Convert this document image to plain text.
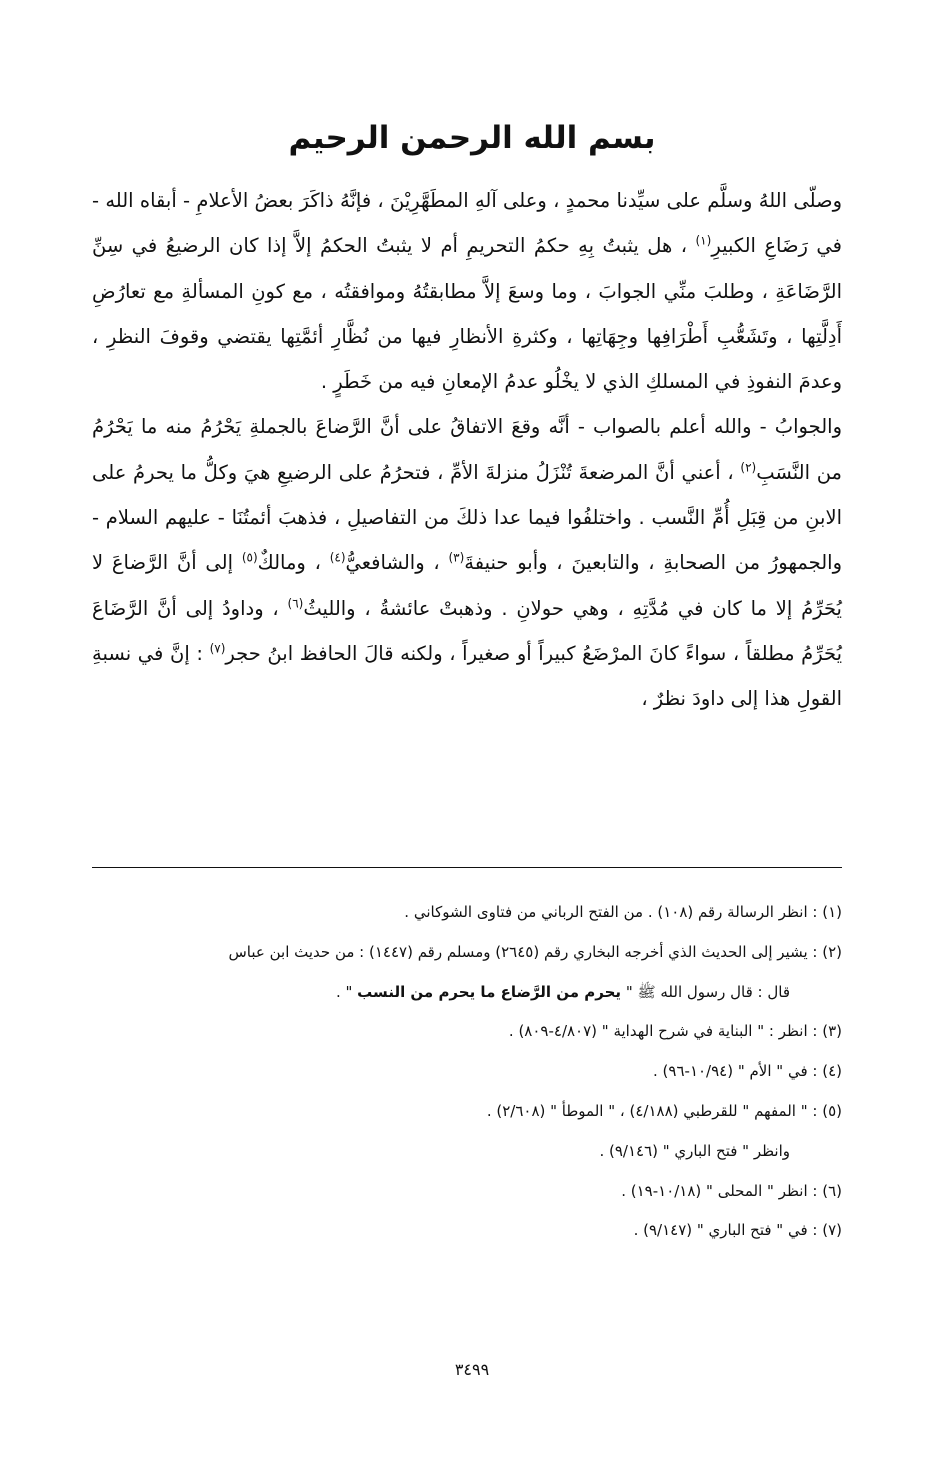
بسم الله الرحمن الرحيم

وصلّى اللهُ وسلَّم على سيِّدنا محمدٍ ، وعلى آلهِ المطَهَّرِيْنَ ، فإنَّهُ ذاكَرَ بعضُ الأعلامِ - أبقاه الله - في رَضَاعِ الكبيرِ$^{(١)}$ ، هل يثبتُ بِهِ حكمُ التحريمِ أم لا يثبتُ الحكمُ إلاَّ إذا كان الرضيعُ في سِنِّ الرَّضَاعَةِ ، وطلبَ منِّي الجوابَ ، وما وسعَ إلاَّ مطابقتُهُ وموافقتُه ، مع كونِ المسألةِ مع تعارُضِ أَدِلَّتِها ، وتَشَعُّبِ أَطْرَافِها وجِهَاتِها ، وكثرةِ الأنظارِ فيها من نُظَّارِ أئمَّتِها يقتضي وقوفَ النظرِ ، وعدمَ النفوذِ في المسلكِ الذي لا يخْلُو عدمُ الإمعانِ فيه من خَطَرٍ .

والجوابُ - والله أعلم بالصواب - أنَّه وقعَ الاتفاقُ على أنَّ الرَّضاعَ بالجملةِ يَحْرُمُ منه ما يَحْرُمُ من النَّسَبِ$^{(٢)}$ ، أعني أنَّ المرضعةَ تُنْزَلُ منزلةَ الأمِّ ، فتحرُمُ على الرضيعِ هيَ وكلُّ ما يحرمُ على الابنِ من قِبَلِ أُمِّ النَّسب . واختلفُوا فيما عدا ذلكَ من التفاصيلِ ، فذهبَ أئمتُنَا - عليهم السلام - والجمهورُ من الصحابةِ ، والتابعينَ ، وأبو حنيفةَ$^{(٣)}$ ، والشافعيُّ$^{(٤)}$ ، ومالكٌ$^{(٥)}$ إلى أنَّ الرَّضاعَ لا يُحَرِّمُ إلا ما كان في مُدَّتِهِ ، وهي حولانِ . وذهبتْ عائشةُ ، والليثُ$^{(٦)}$ ، وداودُ إلى أنَّ الرَّضَاعَ يُحَرِّمُ مطلقاً ، سواءً كانَ المرْضَعُ كبيراً أو صغيراً ، ولكنه قالَ الحافظ ابنُ حجر$^{(٧)}$ : إنَّ في نسبةِ القولِ هذا إلى داودَ نظرٌ ،

(١) : انظر الرسالة رقم (١٠٨) . من الفتح الرباني من فتاوى الشوكاني .

(٢) : يشير إلى الحديث الذي أخرجه البخاري رقم (٢٦٤٥) ومسلم رقم (١٤٤٧) : من حديث ابن عباس

قال : قال رسول الله ﷺ " يحرم من الرَّضاع ما يحرم من النسب " .

(٣) : انظر : " البناية في شرح الهداية " (٤/٨٠٧-٨٠٩) .

(٤) : في " الأم " (١٠/٩٤-٩٦) .

(٥) : " المفهم " للقرطبي (٤/١٨٨) ، " الموطأ " (٢/٦٠٨) .

وانظر " فتح الباري " (٩/١٤٦) .

(٦) : انظر " المحلى " (١٠/١٨-١٩) .

(٧) : في " فتح الباري " (٩/١٤٧) .

٣٤٩٩
